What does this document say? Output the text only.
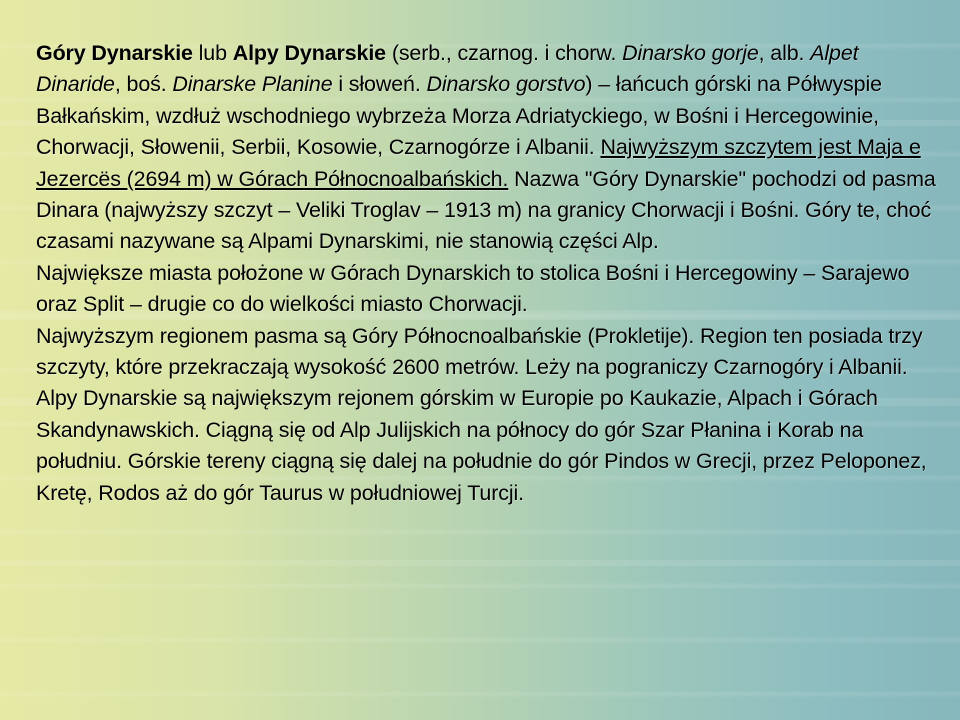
Góry Dynarskie lub Alpy Dynarskie (serb., czarnog. i chorw. Dinarsko gorje, alb. Alpet Dinaride, boś. Dinarske Planine i słoweń. Dinarsko gorstvo) – łańcuch górski na Półwyspie Bałkańskim, wzdłuż wschodniego wybrzeża Morza Adriatyckiego, w Bośni i Hercegowinie, Chorwacji, Słowenii, Serbii, Kosowie, Czarnogórze i Albanii. Najwyższym szczytem jest Maja e Jezercës (2694 m) w Górach Północnoalbańskich. Nazwa "Góry Dynarskie" pochodzi od pasma Dinara (najwyższy szczyt – Veliki Troglav – 1913 m) na granicy Chorwacji i Bośni. Góry te, choć czasami nazywane są Alpami Dynarskimi, nie stanowią części Alp.

Największe miasta położone w Górach Dynarskich to stolica Bośni i Hercegowiny – Sarajewo oraz Split – drugie co do wielkości miasto Chorwacji.

Najwyższym regionem pasma są Góry Północnoalbańskie (Prokletije). Region ten posiada trzy szczyty, które przekraczają wysokość 2600 metrów. Leży na pograniczy Czarnogóry i Albanii. Alpy Dynarskie są największym rejonem górskim w Europie po Kaukazie, Alpach i Górach Skandynawskich. Ciągną się od Alp Julijskich na północy do gór Szar Płanina i Korab na południu. Górskie tereny ciągną się dalej na południe do gór Pindos w Grecji, przez Peloponez, Kretę, Rodos aż do gór Taurus w południowej Turcji.
